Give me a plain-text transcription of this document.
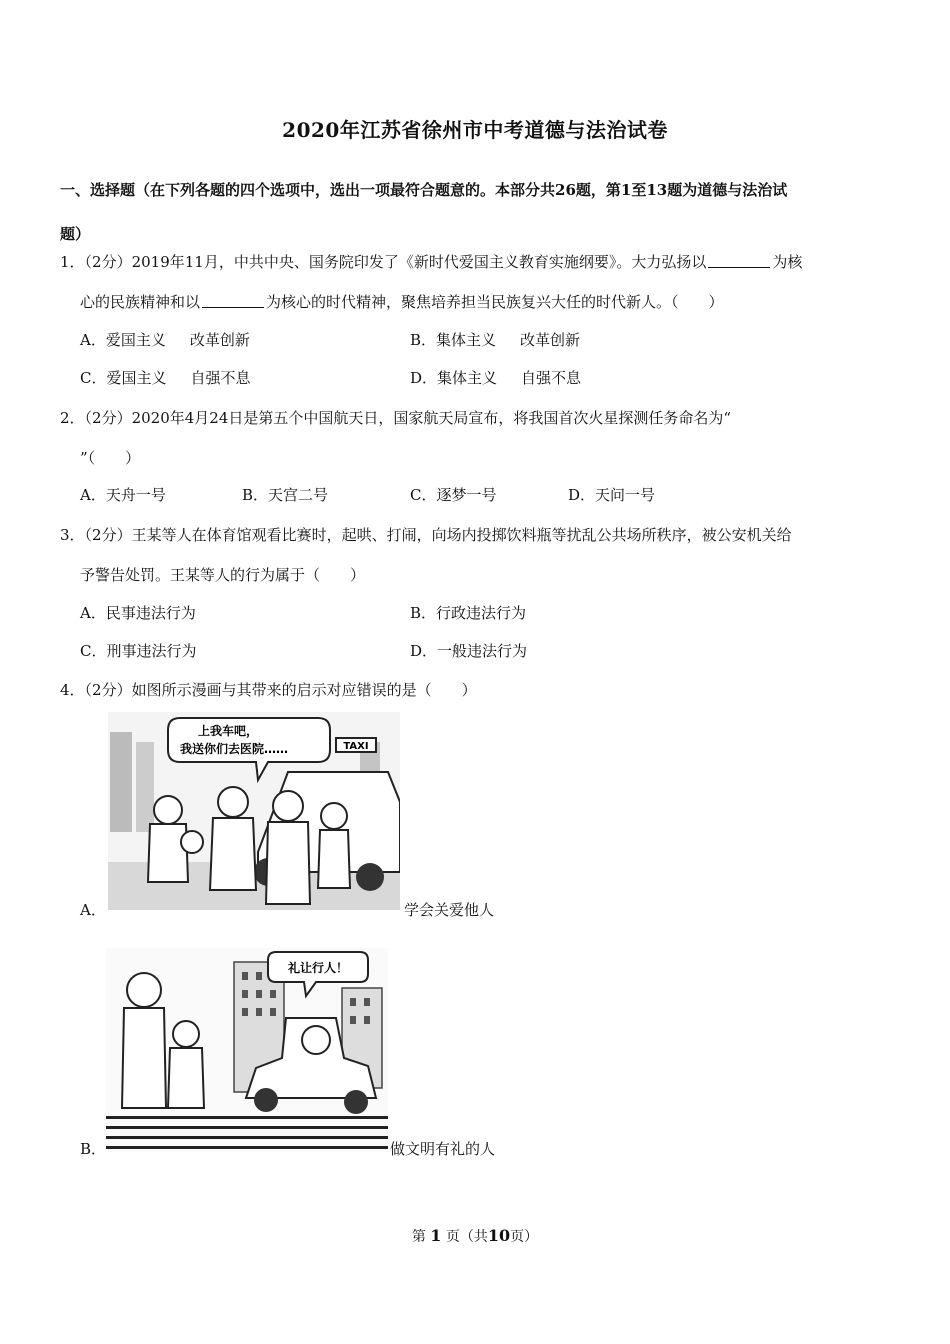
2020年江苏省徐州市中考道德与法治试卷
一、选择题（在下列各题的四个选项中，选出一项最符合题意的。本部分共26题，第1至13题为道德与法治试
题）
1．（2分）2019年11月，中共中央、国务院印发了《新时代爱国主义教育实施纲要》。大力弘扬以	为核
心的民族精神和以	为核心的时代精神，聚焦培养担当民族复兴大任的时代新人。（　　）
A．爱国主义 改革创新	B．集体主义 改革创新
C．爱国主义 自强不息	D．集体主义 自强不息
2．（2分）2020年4月24日是第五个中国航天日，国家航天局宣布，将我国首次火星探测任务命名为“
”（　　）
A．天舟一号	B．天宫二号	C．逐梦一号	D．天问一号
3．（2分）王某等人在体育馆观看比赛时，起哄、打闹，向场内投掷饮料瓶等扰乱公共场所秩序，被公安机关给
予警告处罚。王某等人的行为属于（　　）
A．民事违法行为	B．行政违法行为
C．刑事违法行为	D．一般违法行为
4．（2分）如图所示漫画与其带来的启示对应错误的是（　　）
A．
TAXI
上我车吧，
我送你们去医院……
学会关爱他人
B．
礼让行人！
做文明有礼的人
第 1 页（共10页）
